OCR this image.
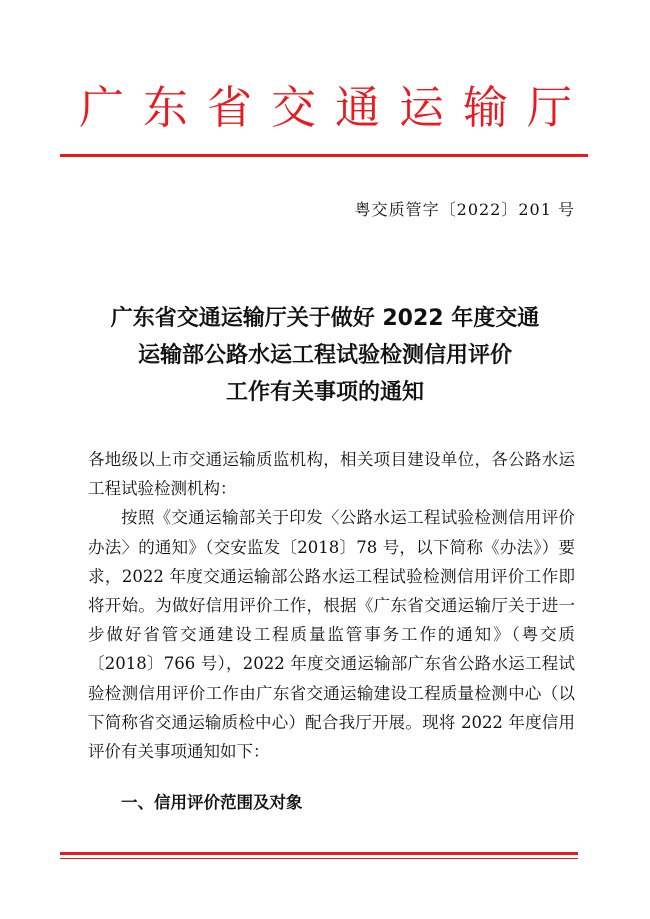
广东省交通运输厅
粤交质管字〔2022〕201 号
广东省交通运输厅关于做好 2022 年度交通
运输部公路水运工程试验检测信用评价
工作有关事项的通知

各地级以上市交通运输质监机构，相关项目建设单位，各公路水运工程试验检测机构：

按照《交通运输部关于印发〈公路水运工程试验检测信用评价办法〉的通知》（交安监发〔2018〕78 号，以下简称《办法》）要求，2022 年度交通运输部公路水运工程试验检测信用评价工作即将开始。为做好信用评价工作，根据《广东省交通运输厅关于进一步做好省管交通建设工程质量监管事务工作的通知》（粤交质〔2018〕766 号），2022 年度交通运输部广东省公路水运工程试验检测信用评价工作由广东省交通运输建设工程质量检测中心（以下简称省交通运输质检中心）配合我厅开展。现将 2022 年度信用评价有关事项通知如下：

一、信用评价范围及对象
